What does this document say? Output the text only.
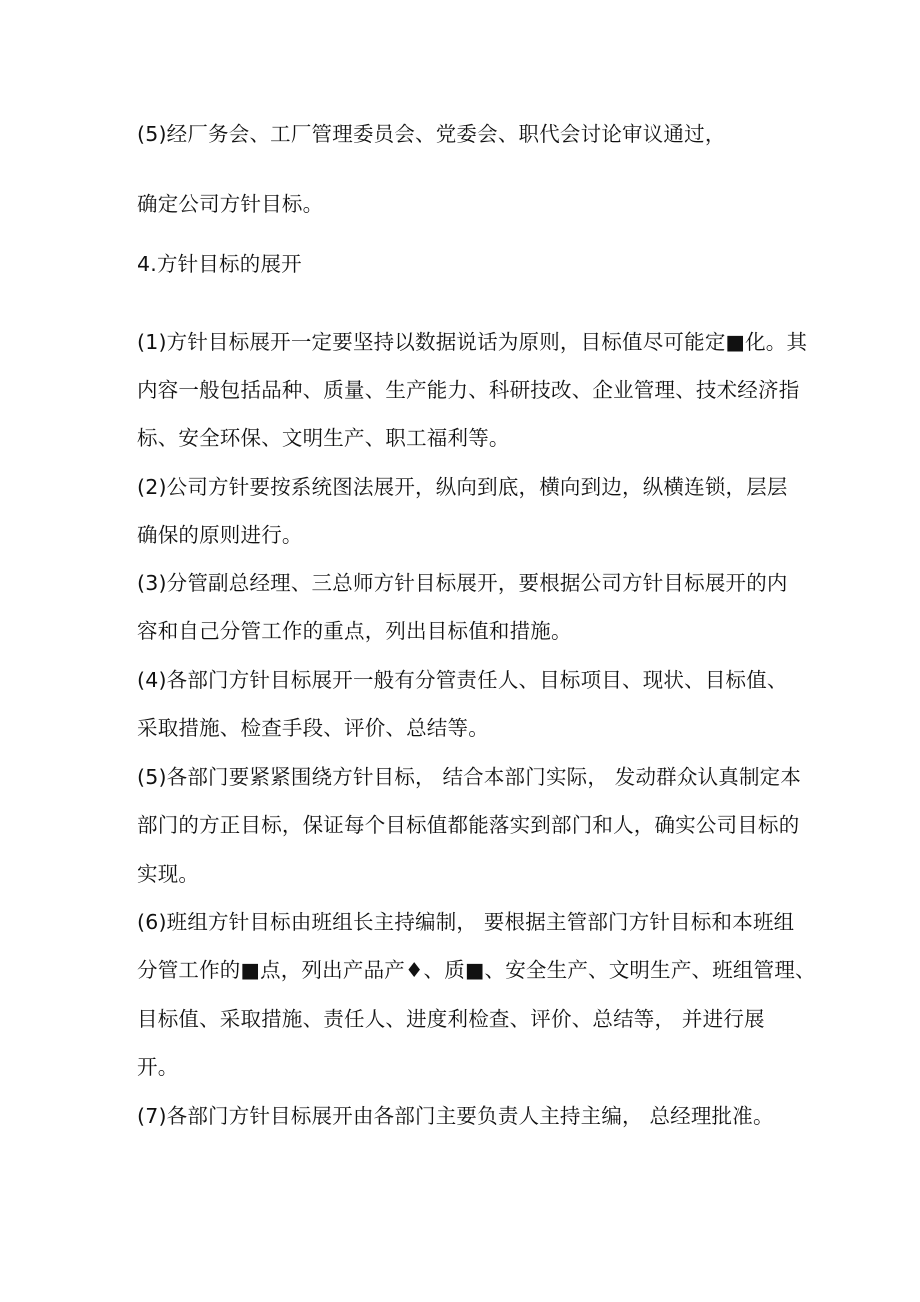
(5)经厂务会、工厂管理委员会、党委会、职代会讨论审议通过，
确定公司方针目标。
4.方针目标的展开
(1)方针目标展开一定要坚持以数据说话为原则，目标值尽可能定■化。其
内容一般包括品种、质量、生产能力、科研技改、企业管理、技术经济指
标、安全环保、文明生产、职工福利等。
(2)公司方针要按系统图法展开，纵向到底，横向到边，纵横连锁，层层
确保的原则进行。
(3)分管副总经理、三总师方针目标展开，要根据公司方针目标展开的内
容和自己分管工作的重点，列出目标值和措施。
(4)各部门方针目标展开一般有分管责任人、目标项目、现状、目标值、
采取措施、检查手段、评价、总结等。
(5)各部门要紧紧围绕方针目标， 结合本部门实际， 发动群众认真制定本
部门的方正目标，保证每个目标值都能落实到部门和人，确实公司目标的
实现。
(6)班组方针目标由班组长主持编制， 要根据主管部门方针目标和本班组
分管工作的■点，列出产品产♦、质■、安全生产、文明生产、班组管理、
目标值、采取措施、责任人、进度利检查、评价、总结等， 并进行展
开。
(7)各部门方针目标展开由各部门主要负责人主持主编， 总经理批准。
